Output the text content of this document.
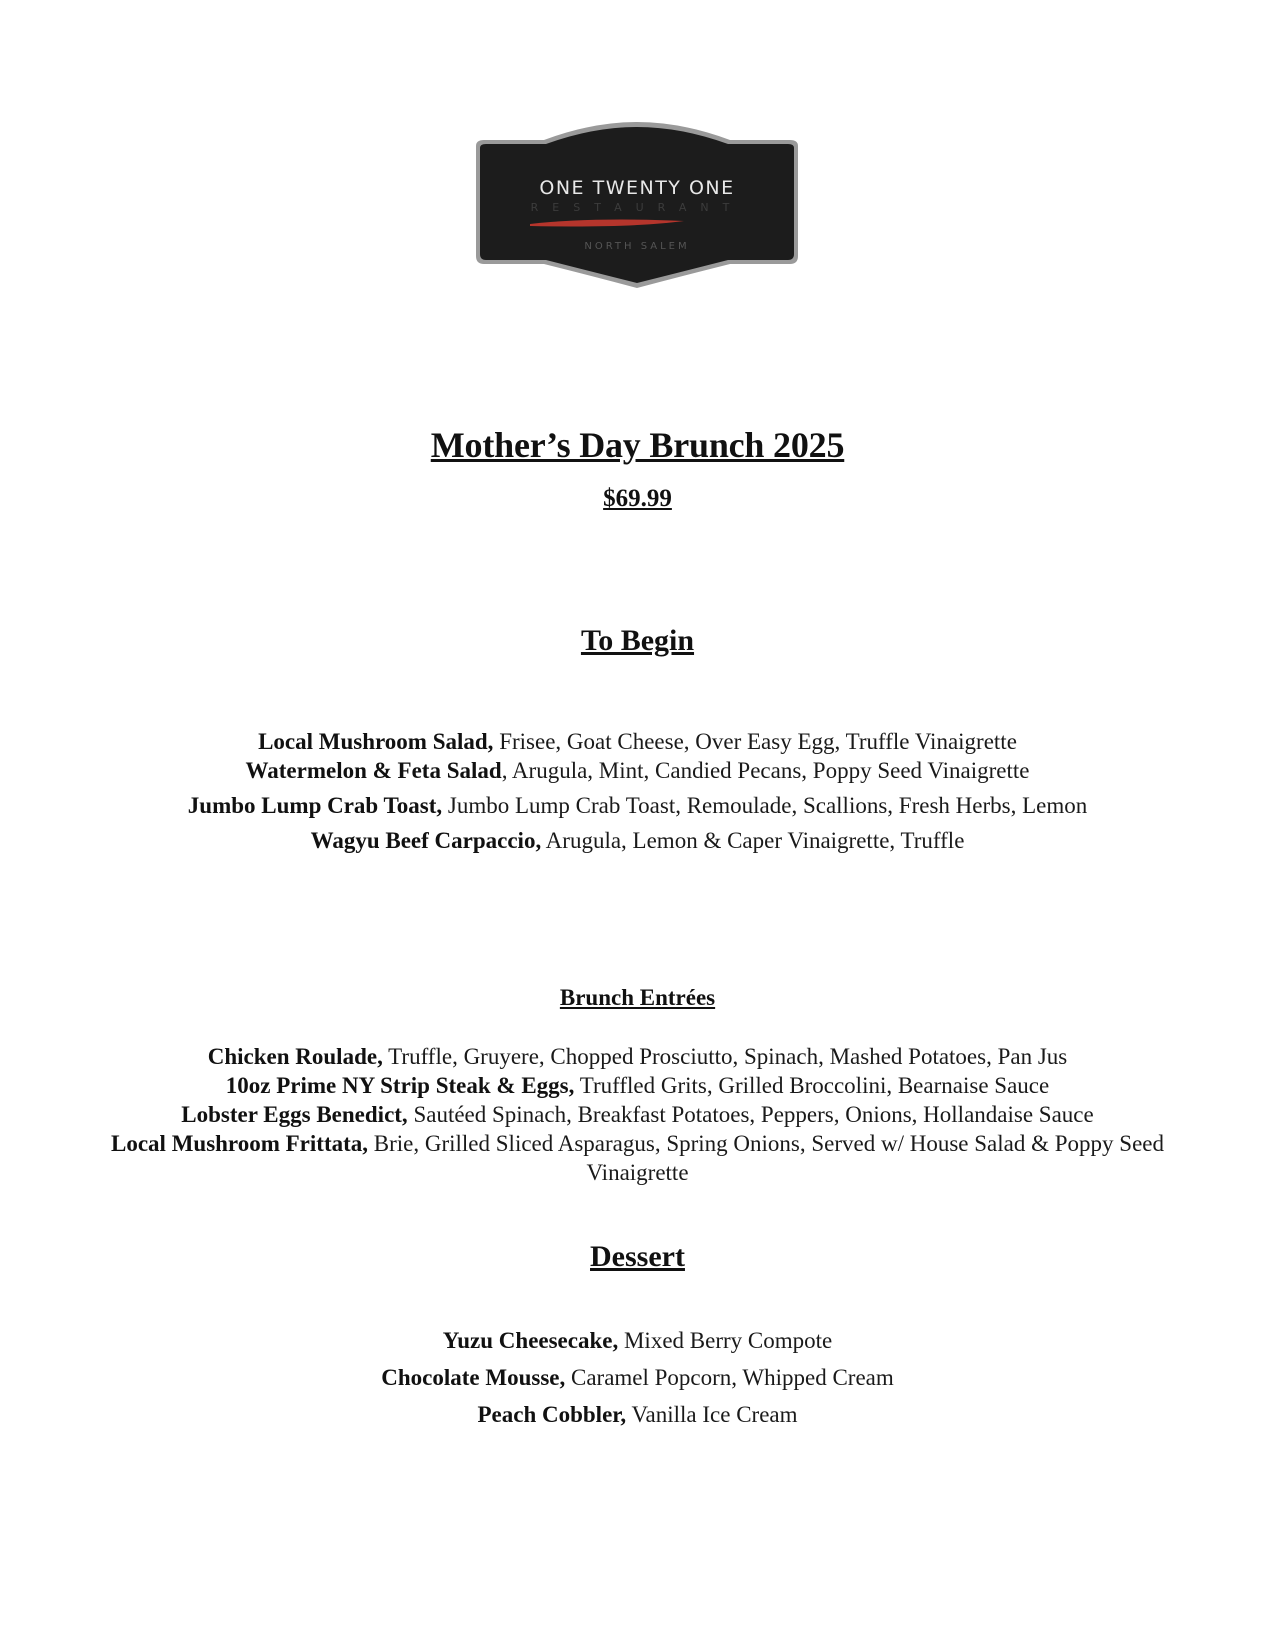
ONE TWENTY ONE
RESTAURANT
NORTH SALEM
Mother’s Day Brunch 2025
$69.99
To Begin
Local Mushroom Salad, Frisee, Goat Cheese, Over Easy Egg, Truffle Vinaigrette
Watermelon & Feta Salad, Arugula, Mint, Candied Pecans, Poppy Seed Vinaigrette
Jumbo Lump Crab Toast, Jumbo Lump Crab Toast, Remoulade, Scallions, Fresh Herbs, Lemon
Wagyu Beef Carpaccio, Arugula, Lemon & Caper Vinaigrette, Truffle
Brunch Entrées
Chicken Roulade, Truffle, Gruyere, Chopped Prosciutto, Spinach, Mashed Potatoes, Pan Jus
10oz Prime NY Strip Steak & Eggs, Truffled Grits, Grilled Broccolini, Bearnaise Sauce
Lobster Eggs Benedict, Sautéed Spinach, Breakfast Potatoes, Peppers, Onions, Hollandaise Sauce
Local Mushroom Frittata, Brie, Grilled Sliced Asparagus, Spring Onions, Served w/ House Salad & Poppy Seed Vinaigrette
Dessert
Yuzu Cheesecake, Mixed Berry Compote
Chocolate Mousse, Caramel Popcorn, Whipped Cream
Peach Cobbler, Vanilla Ice Cream
